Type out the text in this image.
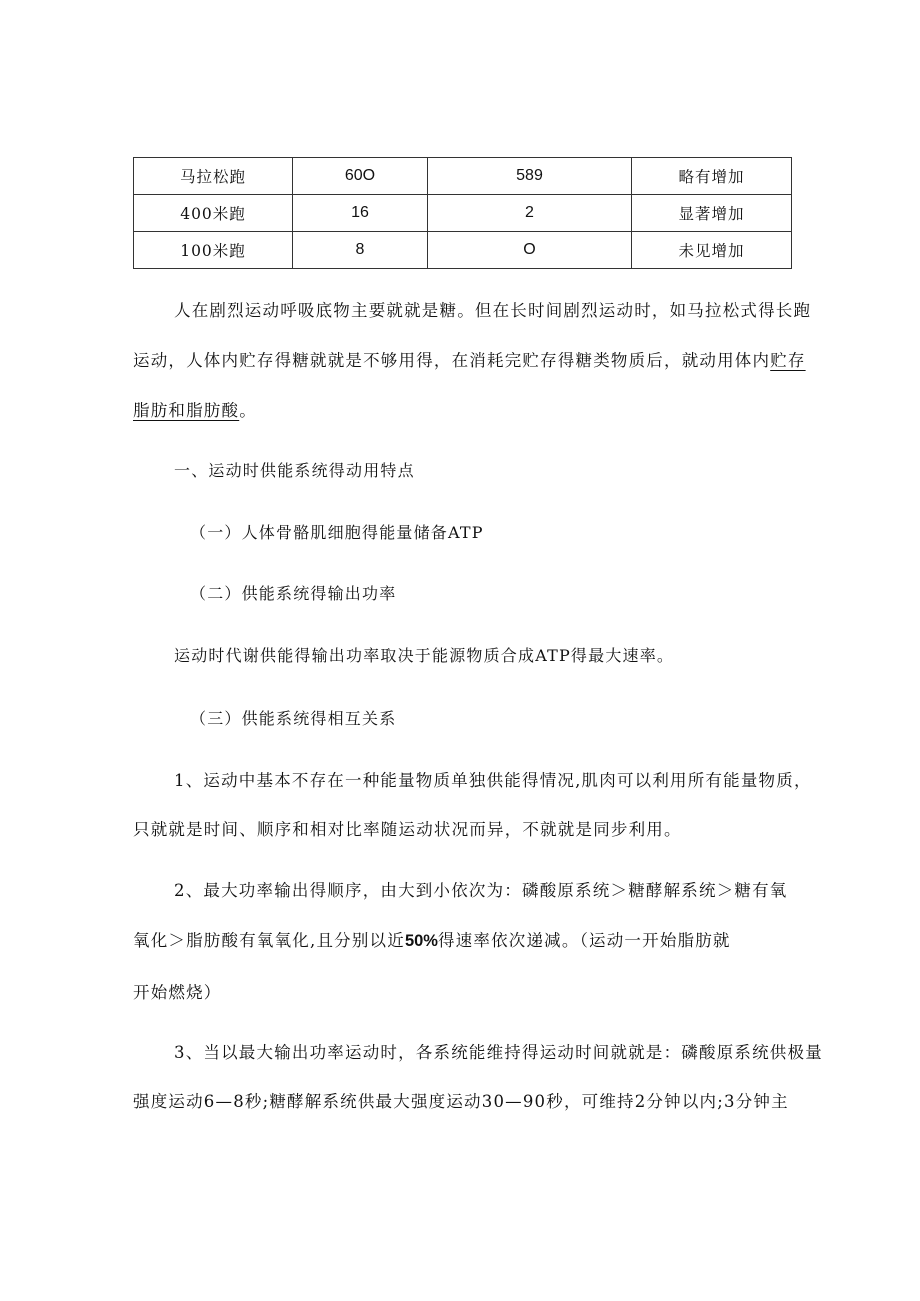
马拉松跑	60O	589	略有增加
400米跑	16	2	显著增加
100米跑	8	O	未见增加
人在剧烈运动呼吸底物主要就就是糖。但在长时间剧烈运动时，如马拉松式得长跑
运动，人体内贮存得糖就就是不够用得，在消耗完贮存得糖类物质后，就动用体内贮存
脂肪和脂肪酸。
一、运动时供能系统得动用特点
（一）人体骨骼肌细胞得能量储备ATP
（二）供能系统得输出功率
运动时代谢供能得输出功率取决于能源物质合成ATP得最大速率。
（三）供能系统得相互关系
1、运动中基本不存在一种能量物质单独供能得情况,肌肉可以利用所有能量物质，
只就就是时间、顺序和相对比率随运动状况而异，不就就是同步利用。
2、最大功率输出得顺序，由大到小依次为：磷酸原系统＞糖酵解系统＞糖有氧
氧化＞脂肪酸有氧氧化,且分别以近50%得速率依次递减。（运动一开始脂肪就
开始燃烧）
3、当以最大输出功率运动时，各系统能维持得运动时间就就是：磷酸原系统供极量
强度运动6—8秒;糖酵解系统供最大强度运动30—90秒，可维持2分钟以内;3分钟主
